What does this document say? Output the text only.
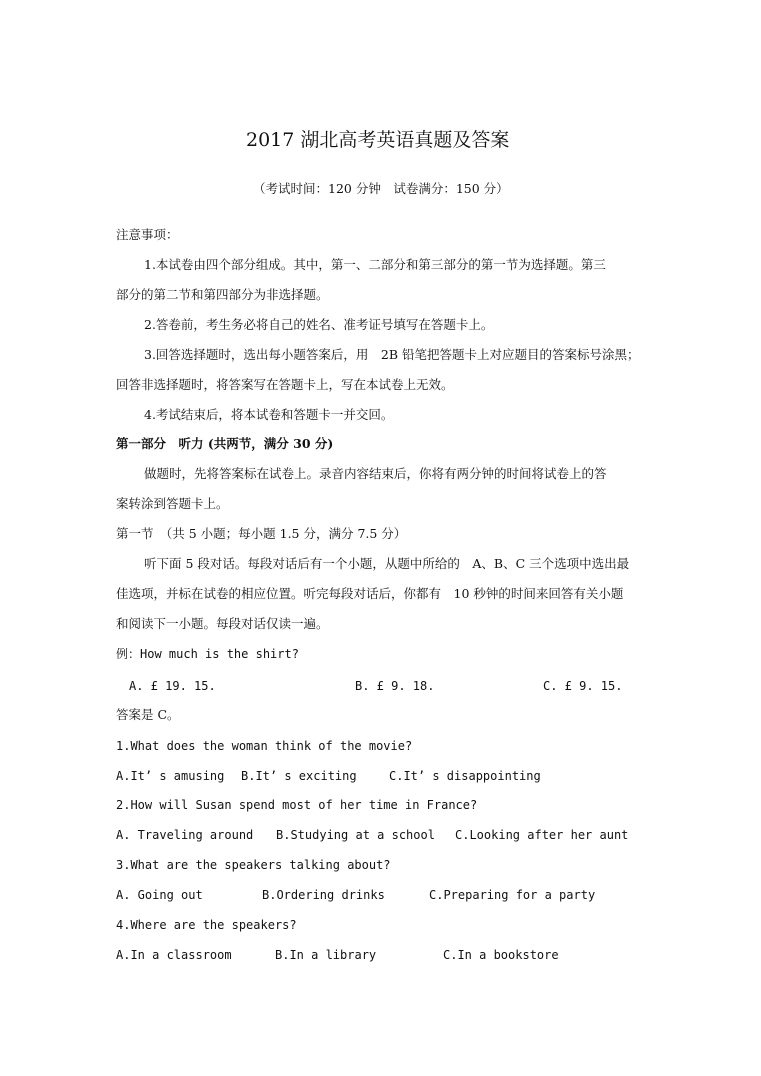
2017 湖北高考英语真题及答案
（考试时间：120 分钟　试卷满分：150 分）
注意事项：
1.本试卷由四个部分组成。其中，第一、二部分和第三部分的第一节为选择题。第三
部分的第二节和第四部分为非选择题。
2.答卷前，考生务必将自己的姓名、准考证号填写在答题卡上。
3.回答选择题时，选出每小题答案后，用　2B 铅笔把答题卡上对应题目的答案标号涂黑；
回答非选择题时，将答案写在答题卡上，写在本试卷上无效。
4.考试结束后，将本试卷和答题卡一并交回。
第一部分　听力 (共两节，满分 30 分)
做题时，先将答案标在试卷上。录音内容结束后，你将有两分钟的时间将试卷上的答
案转涂到答题卡上。
第一节　（共 5 小题；每小题 1.5 分，满分 7.5 分）
听下面 5 段对话。每段对话后有一个小题，从题中所给的　A、B、C 三个选项中选出最
佳选项，并标在试卷的相应位置。听完每段对话后，你都有　10 秒钟的时间来回答有关小题
和阅读下一小题。每段对话仅读一遍。
例：How much is the shirt?
A. £ 19. 15.	B. £ 9. 18.	C. £ 9. 15.
答案是 C。
1.What does the woman think of the movie?
A.It’ s amusing B.It’ s exciting	C.It’ s disappointing
2.How will Susan spend most of her time in France?
A. Traveling around B.Studying at a school C.Looking after her aunt
3.What are the speakers talking about?
A. Going out	B.Ordering drinks	C.Preparing for a party
4.Where are the speakers?
A.In a classroom	B.In a library	C.In a bookstore
